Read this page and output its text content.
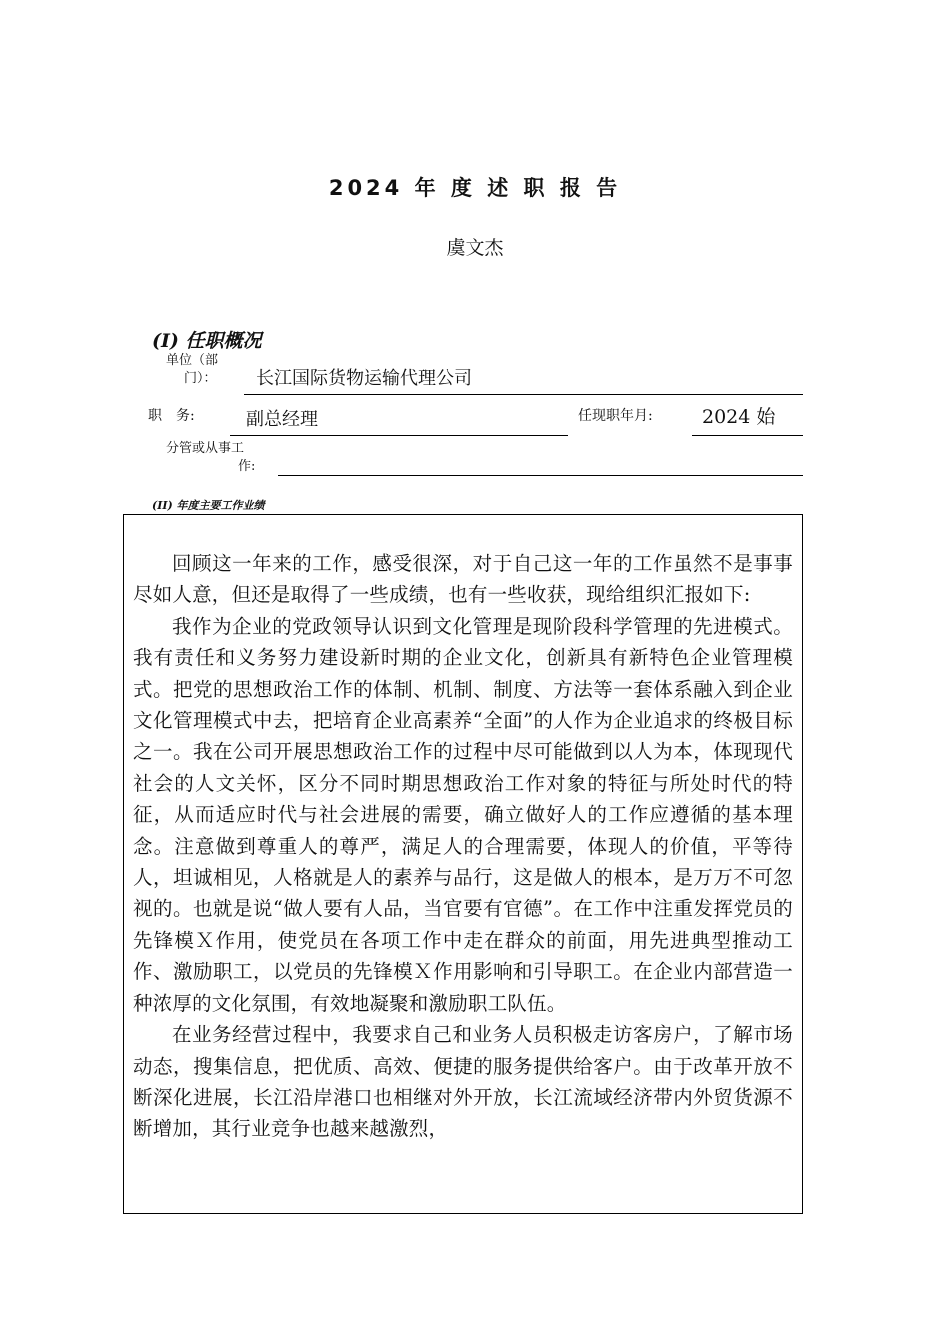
2024 年 度 述 职 报 告
虞文杰
(I) 任职概况
单位（部
门）：	长江国际货物运输代理公司
职　务:	副总经理	任现职年月:	2024 始
分管或从事工
作:
(II) 年度主要工作业绩

回顾这一年来的工作，感受很深，对于自己这一年的工作虽然不是事事尽如人意，但还是取得了一些成绩，也有一些收获，现给组织汇报如下:

我作为企业的党政领导认识到文化管理是现阶段科学管理的先进模式。我有责任和义务努力建设新时期的企业文化，创新具有新特色企业管理模式。把党的思想政治工作的体制、机制、制度、方法等一套体系融入到企业文化管理模式中去，把培育企业高素养“全面”的人作为企业追求的终极目标之一。我在公司开展思想政治工作的过程中尽可能做到以人为本，体现现代社会的人文关怀，区分不同时期思想政治工作对象的特征与所处时代的特征，从而适应时代与社会进展的需要，确立做好人的工作应遵循的基本理念。注意做到尊重人的尊严，满足人的合理需要，体现人的价值，平等待人，坦诚相见，人格就是人的素养与品行，这是做人的根本，是万万不可忽视的。也就是说“做人要有人品，当官要有官德”。在工作中注重发挥党员的先锋模Ｘ作用，使党员在各项工作中走在群众的前面，用先进典型推动工作、激励职工，以党员的先锋模Ｘ作用影响和引导职工。在企业内部营造一种浓厚的文化氛围，有效地凝聚和激励职工队伍。

在业务经营过程中，我要求自己和业务人员积极走访客房户，了解市场动态，搜集信息，把优质、高效、便捷的服务提供给客户。由于改革开放不断深化进展，长江沿岸港口也相继对外开放，长江流域经济带内外贸货源不断增加，其行业竞争也越来越激烈，
